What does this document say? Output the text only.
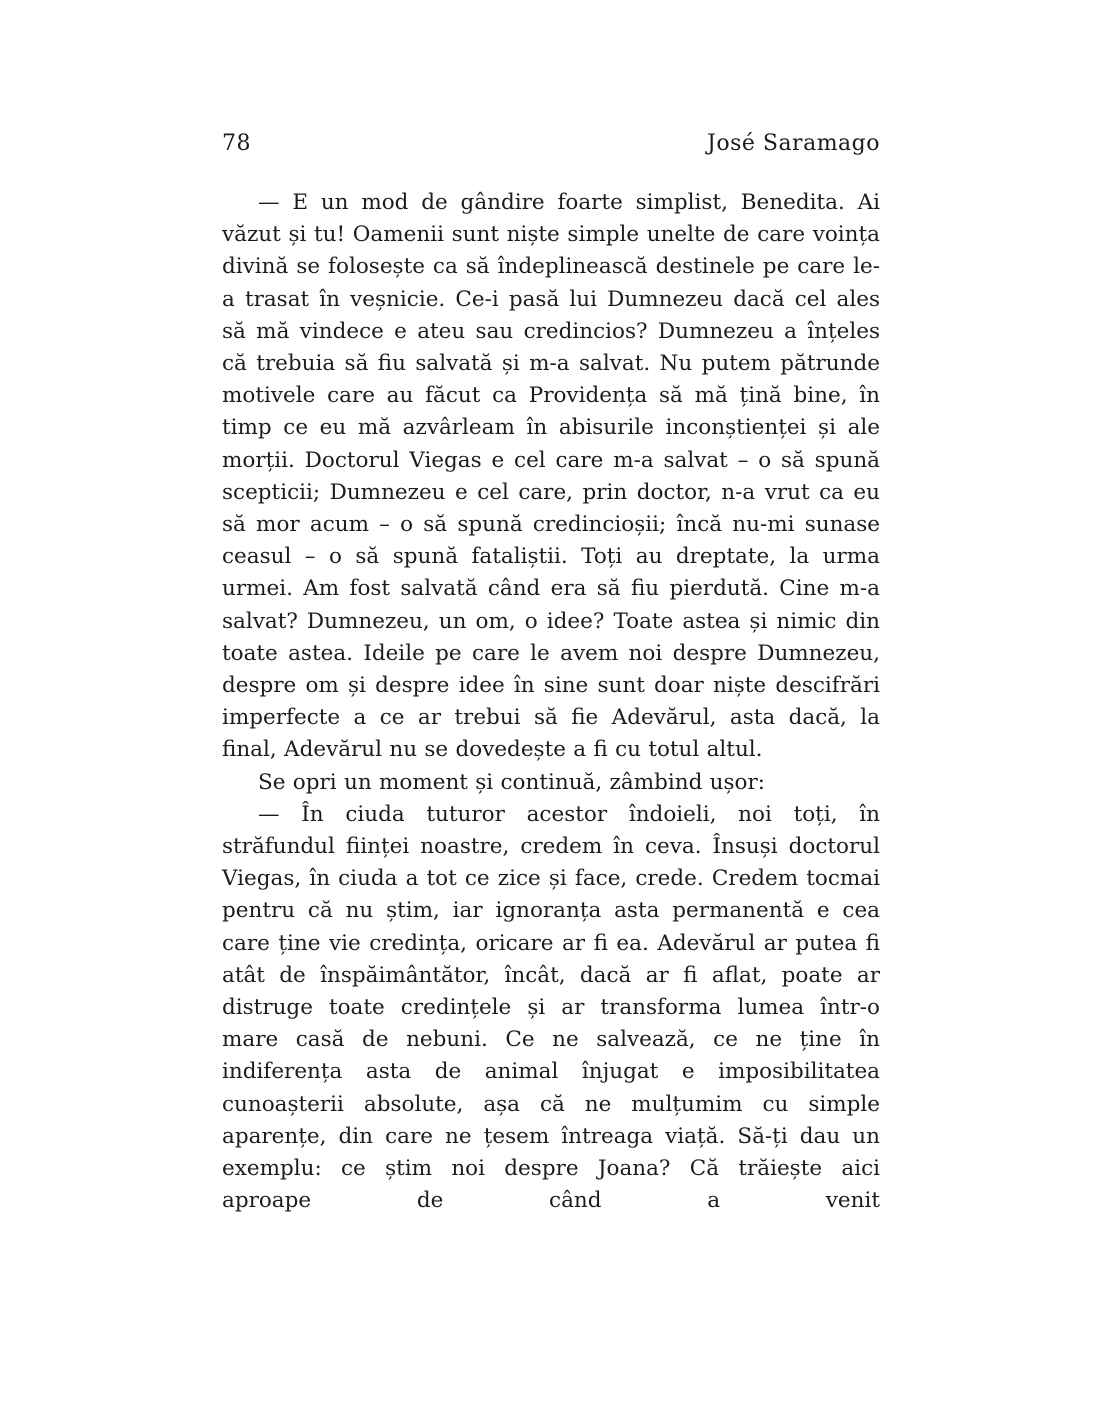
78	José Saramago

— E un mod de gândire foarte simplist, Benedita. Ai văzut și tu! Oamenii sunt niște simple unelte de care voința divină se folosește ca să îndeplinească destinele pe care le-a trasat în veșnicie. Ce-i pasă lui Dumnezeu dacă cel ales să mă vindece e ateu sau credincios? Dumnezeu a înțeles că trebuia să fiu salvată și m-a salvat. Nu putem pătrunde motivele care au făcut ca Providența să mă țină bine, în timp ce eu mă azvârleam în abisurile inconștienței și ale morții. Doctorul Viegas e cel care m-a salvat – o să spună scepticii; Dumnezeu e cel care, prin doctor, n-a vrut ca eu să mor acum – o să spună credincioșii; încă nu-mi sunase ceasul – o să spună fataliștii. Toți au dreptate, la urma urmei. Am fost salvată când era să fiu pierdută. Cine m-a salvat? Dumnezeu, un om, o idee? Toate astea și nimic din toate astea. Ideile pe care le avem noi despre Dumnezeu, despre om și despre idee în sine sunt doar niște descifrări imperfecte a ce ar trebui să fie Adevărul, asta dacă, la final, Adevărul nu se dovedește a fi cu totul altul.

Se opri un moment și continuă, zâmbind ușor:

— În ciuda tuturor acestor îndoieli, noi toți, în străfundul ființei noastre, credem în ceva. Însuși doctorul Viegas, în ciuda a tot ce zice și face, crede. Credem tocmai pentru că nu știm, iar ignoranța asta permanentă e cea care ține vie credința, oricare ar fi ea. Adevărul ar putea fi atât de înspăimântător, încât, dacă ar fi aflat, poate ar distruge toate credințele și ar transforma lumea într-o mare casă de nebuni. Ce ne salvează, ce ne ține în indiferența asta de animal înjugat e imposibilitatea cunoașterii absolute, așa că ne mulțumim cu simple aparențe, din care ne țesem întreaga viață. Să-ți dau un exemplu: ce știm noi despre Joana? Că trăiește aici aproape de când a venit
